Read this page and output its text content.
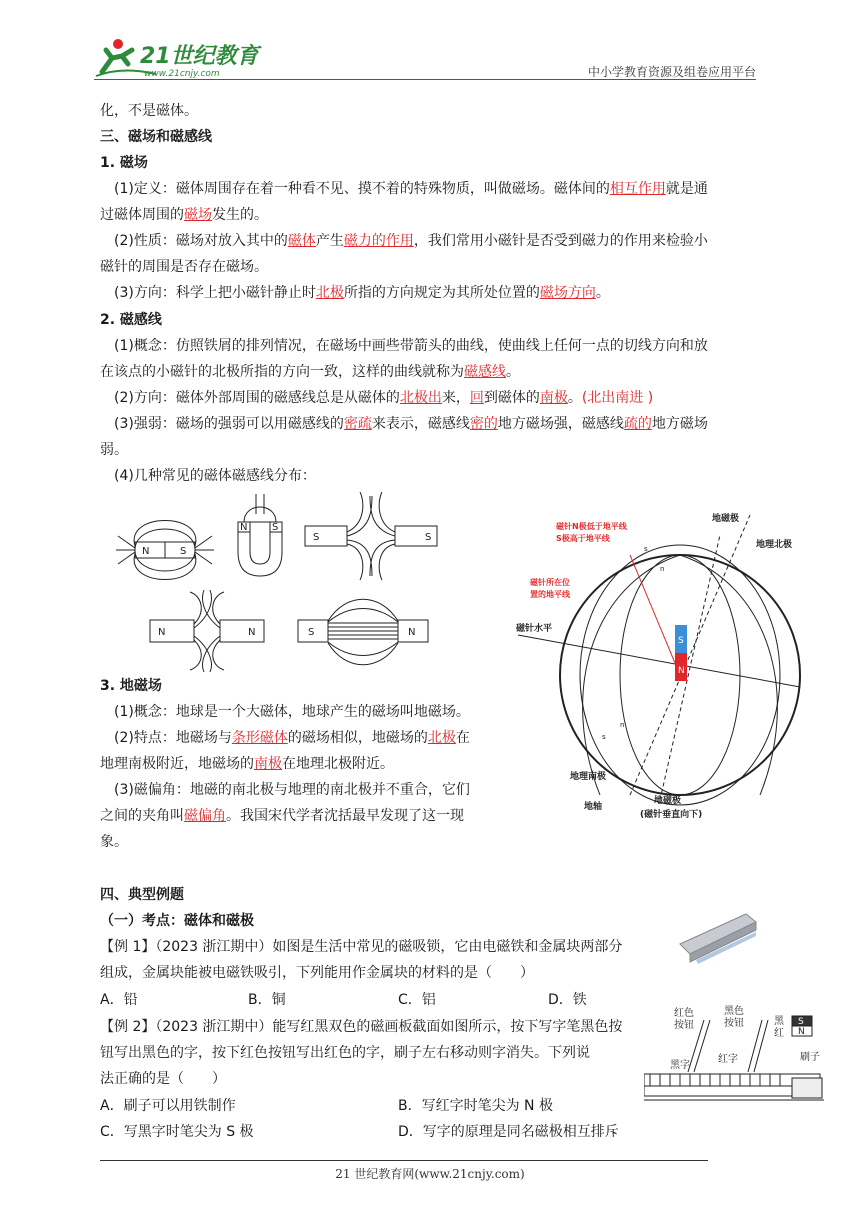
21世纪教育
www.21cnjy.com	中小学教育资源及组卷应用平台
化，不是磁体。
三、磁场和磁感线
1. 磁场
(1)定义：磁体周围存在着一种看不见、摸不着的特殊物质，叫做磁场。磁体间的相互作用就是通
过磁体周围的磁场发生的。
(2)性质：磁场对放入其中的磁体产生磁力的作用，我们常用小磁针是否受到磁力的作用来检验小
磁针的周围是否存在磁场。
(3)方向：科学上把小磁针静止时北极所指的方向规定为其所处位置的磁场方向。
2. 磁感线
(1)概念：仿照铁屑的排列情况，在磁场中画些带箭头的曲线，使曲线上任何一点的切线方向和放
在该点的小磁针的北极所指的方向一致，这样的曲线就称为磁感线。
(2)方向：磁体外部周围的磁感线总是从磁体的北极出来，回到磁体的南极。(北出南进 )
(3)强弱：磁场的强弱可以用磁感线的密疏来表示，磁感线密的地方磁场强，磁感线疏的地方磁场
弱。
(4)几种常见的磁体磁感线分布：
N	S
N S
S	S
N	N	S	N
S
N
磁针N极低于地平线
S极高于地平线
磁针所在位
置的地平线
地磁极
地理北极
磁针水平
地理南极
地轴
地磁极
(磁针垂直向下)
s
n
s
n
3. 地磁场
(1)概念：地球是一个大磁体，地球产生的磁场叫地磁场。
(2)特点：地磁场与条形磁体的磁场相似，地磁场的北极在
地理南极附近，地磁场的南极在地理北极附近。
(3)磁偏角：地磁的南北极与地理的南北极并不重合，它们
之间的夹角叫磁偏角。我国宋代学者沈括最早发现了这一现
象。
四、典型例题
（一）考点：磁体和磁极
【例 1】（2023 浙江期中）如图是生活中常见的磁吸锁，它由电磁铁和金属块两部分
组成，金属块能被电磁铁吸引，下列能用作金属块的材料的是（　　）
A．铅	B．铜	C．铝	D．铁
【例 2】（2023 浙江期中）能写红黑双色的磁画板截面如图所示，按下写字笔黑色按
钮写出黑色的字，按下红色按钮写出红色的字，刷子左右移动则字消失。下列说
法正确的是（　　）
红色
按钮
黑色
按钮
黑字
红字
黑
红
刷子
S
N
A．刷子可以用铁制作	B．写红字时笔尖为 N 极
C．写黑字时笔尖为 S 极	D．写字的原理是同名磁极相互排斥
21 世纪教育网(www.21cnjy.com)
